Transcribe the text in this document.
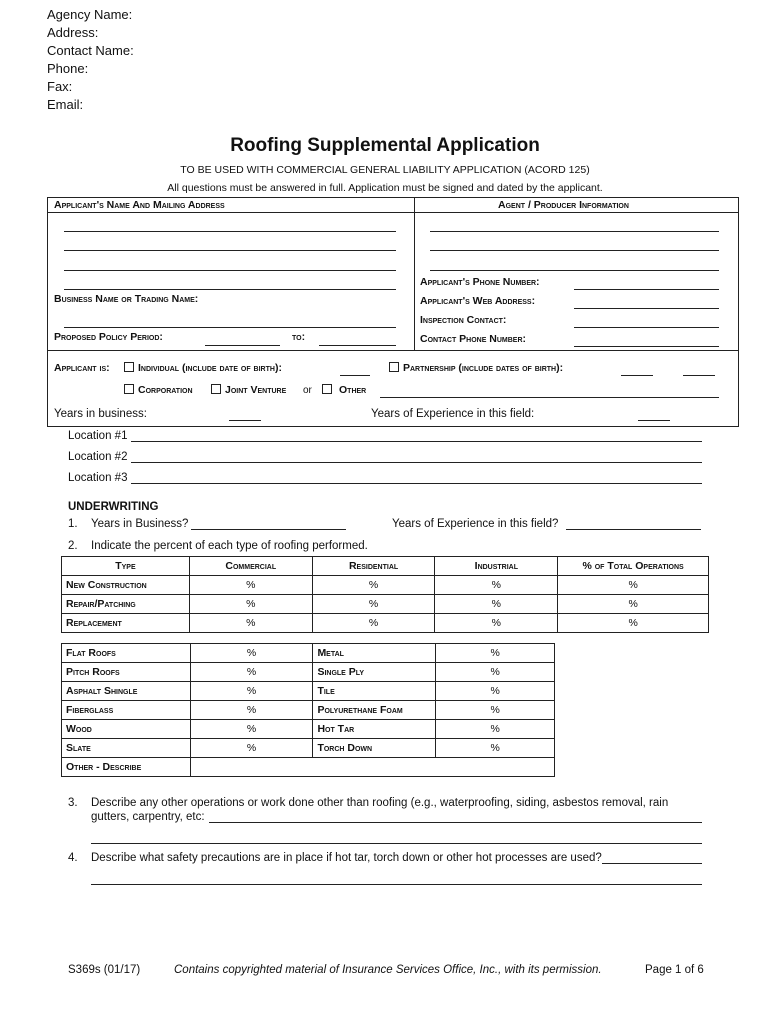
Agency Name:
Address:
Contact Name:
Phone:
Fax:
Email:
Roofing Supplemental Application
TO BE USED WITH COMMERCIAL GENERAL LIABILITY APPLICATION (ACORD 125)
All questions must be answered in full. Application must be signed and dated by the applicant.
Applicant's Name And Mailing Address	Agent / Producer Information
Business Name or Trading Name:
Proposed Policy Period:	to:
Applicant's Phone Number:
Applicant's Web Address:
Inspection Contact:
Contact Phone Number:
Applicant is:	Individual (include date of birth):	Partnership (include dates of birth):
Corporation	Joint Venture or	Other
Years in business:	Years of Experience in this field:
Location #1
Location #2
Location #3
UNDERWRITING
1. Years in Business?	Years of Experience in this field?
2. Indicate the percent of each type of roofing performed.
Type	Commercial	Residential	Industrial	% of Total Operations
New Construction	%	%	%	%
Repair/Patching	%	%	%	%
Replacement	%	%	%	%
Flat Roofs	%	Metal	%
Pitch Roofs	%	Single Ply	%
Asphalt Shingle	%	Tile	%
Fiberglass	%	Polyurethane Foam	%
Wood	%	Hot Tar	%
Slate	%	Torch Down	%
Other - Describe			
3. Describe any other operations or work done other than roofing (e.g., waterproofing, siding, asbestos removal, rain
gutters, carpentry, etc:
4. Describe what safety precautions are in place if hot tar, torch down or other hot processes are used?
S369s (01/17)	Contains copyrighted material of Insurance Services Office, Inc., with its permission.	Page 1 of 6
